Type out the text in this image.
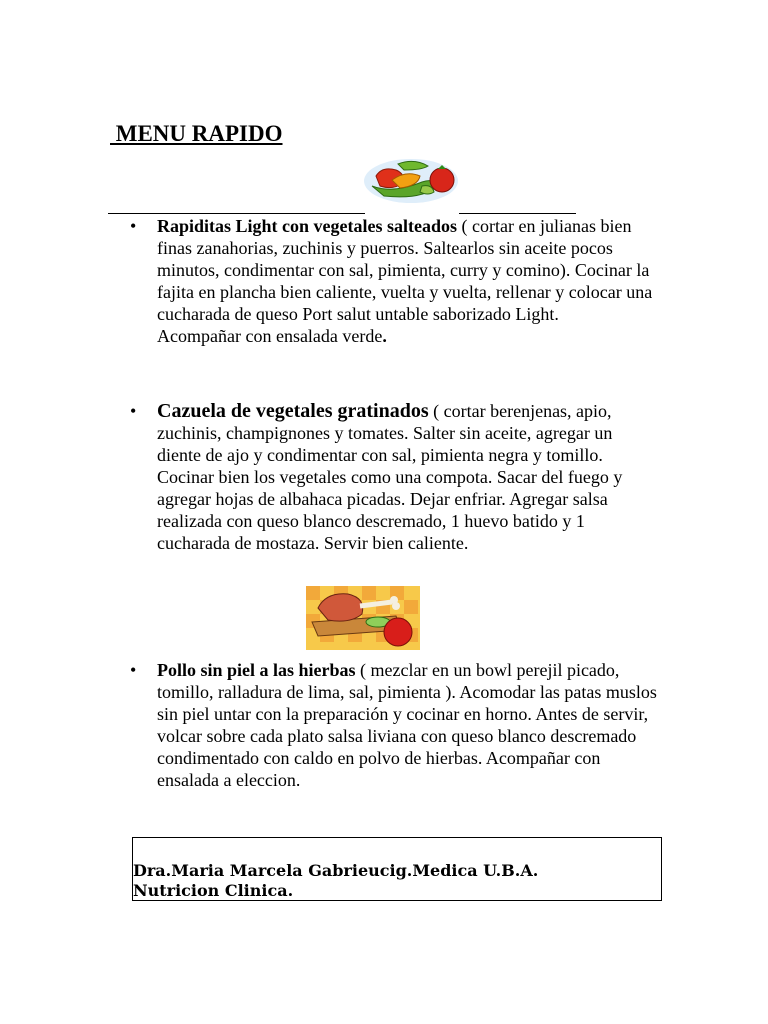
MENU RAPIDO
•
Rapiditas Light con vegetales salteados ( cortar en julianas bien finas zanahorias, zuchinis y puerros. Saltearlos sin aceite pocos minutos, condimentar con sal, pimienta, curry y comino). Cocinar la fajita en plancha bien caliente, vuelta y vuelta, rellenar y colocar una cucharada de queso Port salut untable saborizado Light.
Acompañar con ensalada verde.
•
Cazuela de vegetales gratinados ( cortar berenjenas, apio, zuchinis, champignones y tomates. Salter sin aceite, agregar un diente de ajo y condimentar con sal, pimienta negra y tomillo. Cocinar bien los vegetales como una compota. Sacar del fuego y agregar hojas de albahaca picadas. Dejar enfriar. Agregar salsa realizada con queso blanco descremado, 1 huevo batido y 1 cucharada de mostaza. Servir bien caliente.
•
Pollo sin piel a las hierbas ( mezclar en un bowl perejil picado, tomillo, ralladura de lima, sal, pimienta ). Acomodar las patas muslos sin piel untar con la preparación y cocinar en horno. Antes de servir, volcar sobre cada plato salsa liviana con queso blanco descremado condimentado con caldo en polvo de hierbas. Acompañar con ensalada a eleccion.
Dra.Maria Marcela Gabrieucig.Medica U.B.A.
Nutricion Clinica.
